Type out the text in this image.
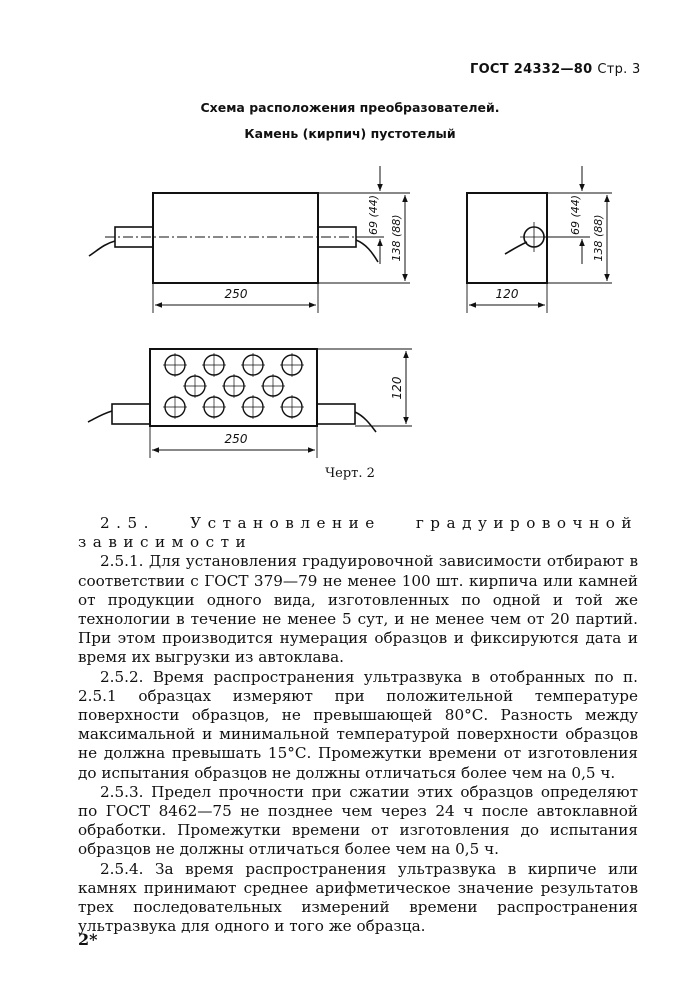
ГОСТ 24332—80 Стр. 3
Схема расположения преобразователей.
Камень (кирпич) пустотелый
250
69 (44) 138 (88)
120
69 (44) 138 (88)
250
120
Черт. 2

2.5. Установление градуировочной зависимости

2.5.1. Для установления градуировочной зависимости отбирают в соответствии с ГОСТ 379—79 не менее 100 шт. кирпича или камней от продукции одного вида, изготовленных по одной и той же технологии в течение не менее 5 сут, и не менее чем от 20 партий. При этом производится нумерация образцов и фиксируются дата и время их выгрузки из автоклава.

2.5.2. Время распространения ультразвука в отобранных по п. 2.5.1 образцах измеряют при положительной температуре поверхности образцов, не превышающей 80°С. Разность между максимальной и минимальной температурой поверхности образцов не должна превышать 15°С. Промежутки времени от изготовления до испытания образцов не должны отличаться более чем на 0,5 ч.

2.5.3. Предел прочности при сжатии этих образцов определяют по ГОСТ 8462—75 не позднее чем через 24 ч после автоклавной обработки. Промежутки времени от изготовления до испытания образцов не должны отличаться более чем на 0,5 ч.

2.5.4. За время распространения ультразвука в кирпиче или камнях принимают среднее арифметическое значение результатов трех последовательных измерений времени распространения ультразвука для одного и того же образца.

2*
